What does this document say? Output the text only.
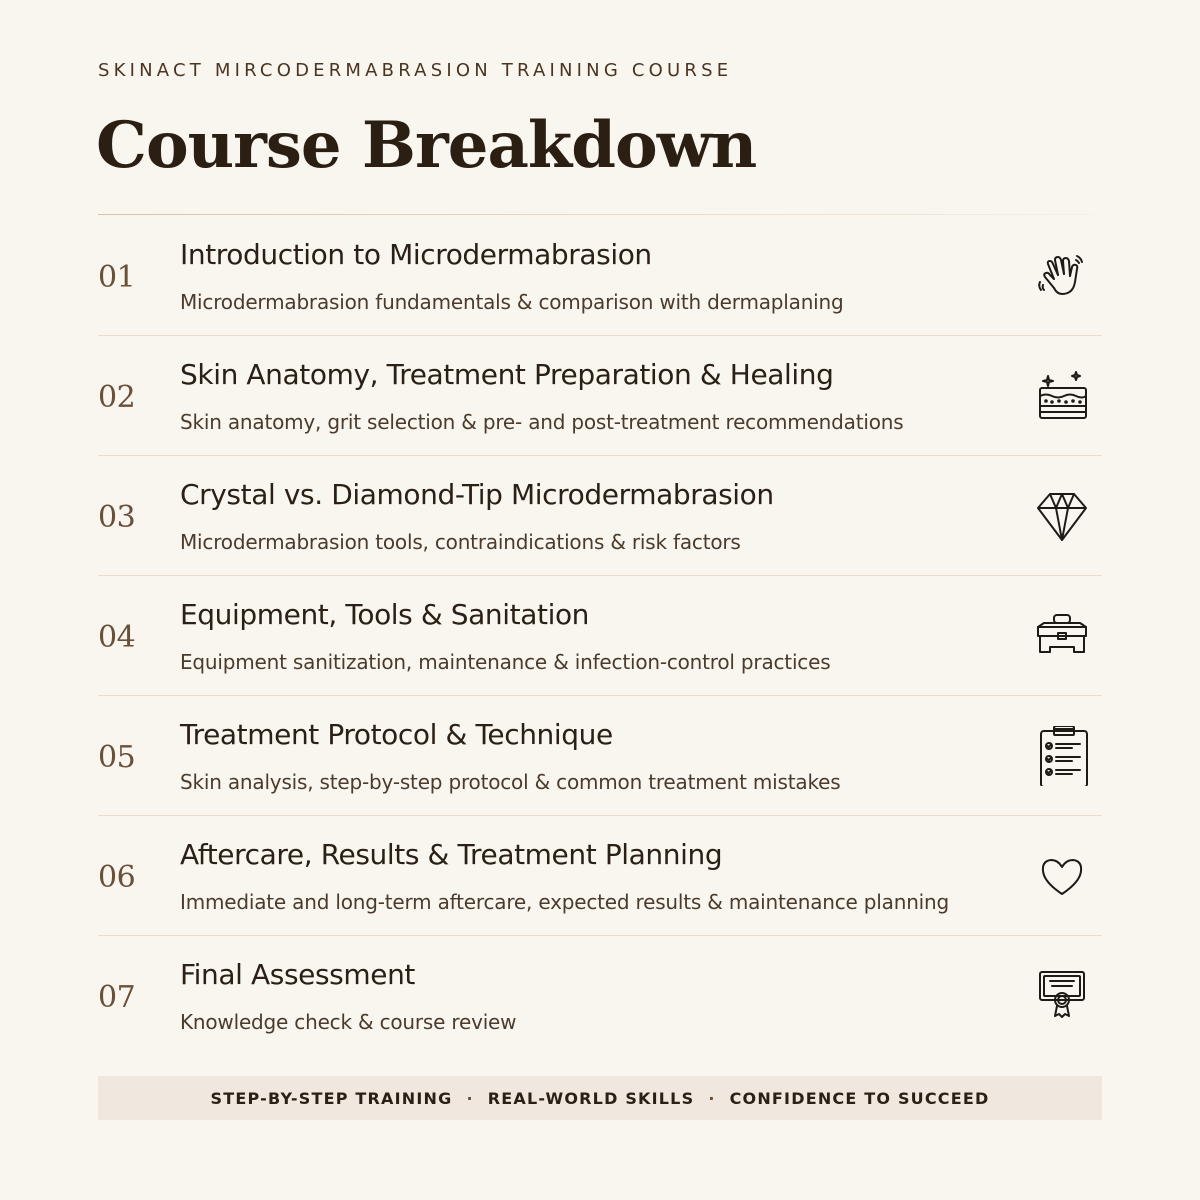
SKINACT MIRCODERMABRASION TRAINING COURSE
Course Breakdown
01
Introduction to Microdermabrasion
Microdermabrasion fundamentals & comparison with dermaplaning
02
Skin Anatomy, Treatment Preparation & Healing
Skin anatomy, grit selection & pre- and post-treatment recommendations
03
Crystal vs. Diamond-Tip Microdermabrasion
Microdermabrasion tools, contraindications & risk factors
04
Equipment, Tools & Sanitation
Equipment sanitization, maintenance & infection-control practices
05
Treatment Protocol & Technique
Skin analysis, step-by-step protocol & common treatment mistakes
06
Aftercare, Results & Treatment Planning
Immediate and long-term aftercare, expected results & maintenance planning
07
Final Assessment
Knowledge check & course review
STEP-BY-STEP TRAINING · REAL-WORLD SKILLS · CONFIDENCE TO SUCCEED
